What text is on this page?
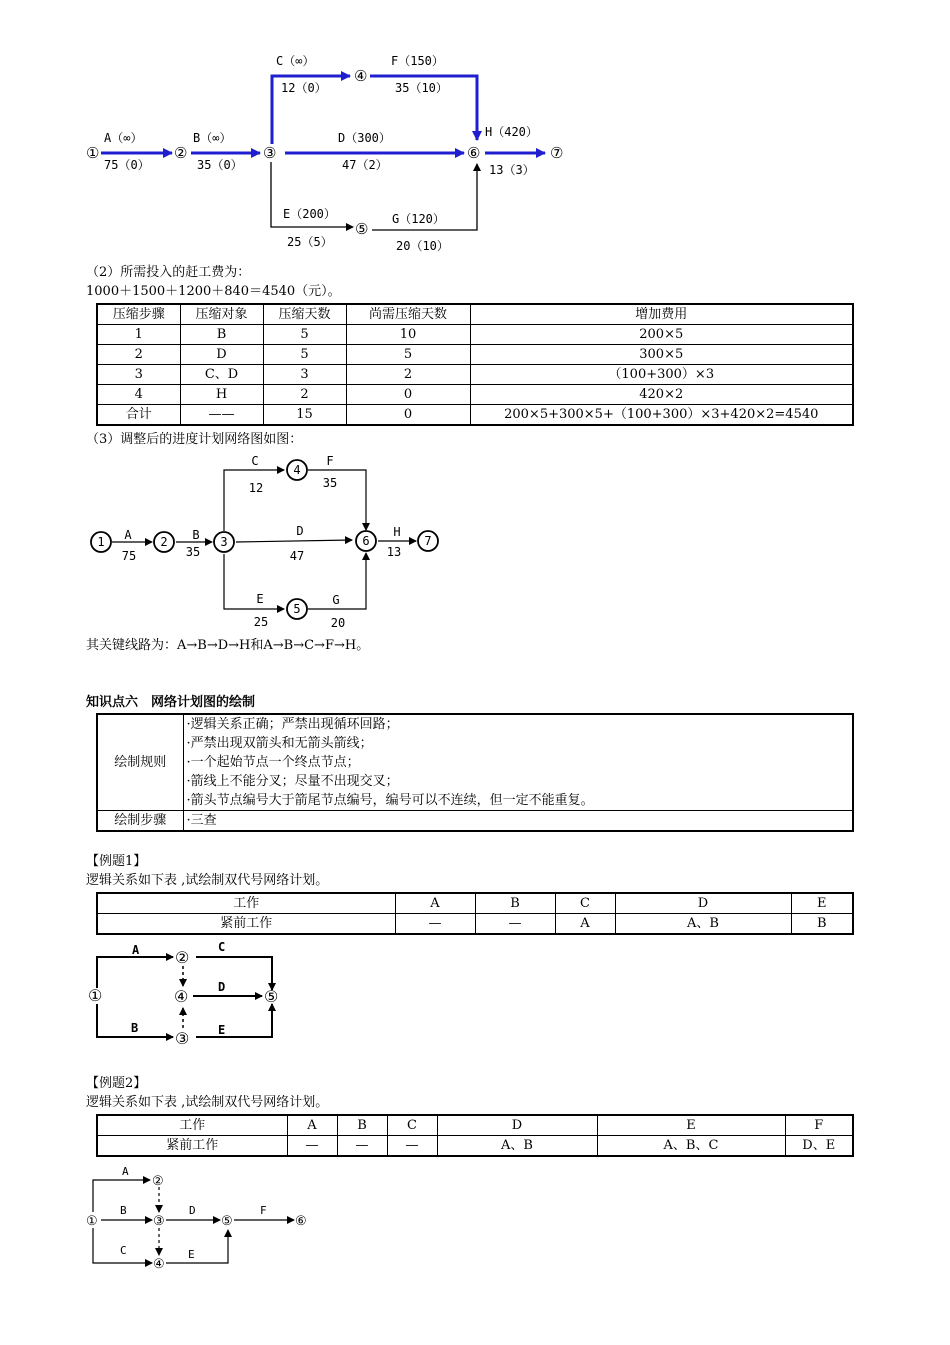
①	②	③
④
⑤
⑥	⑦
A（∞）
75（0）
B（∞）
35（0）
C（∞）
12（0）
F（150）
35（10）
D（300）
47（2）
H（420）
13（3）
E（200）
25（5）
G（120）
20（10）
（2）所需投入的赶工费为：
1000＋1500＋1200＋840＝4540（元）。
压缩步骤	压缩对象	压缩天数	尚需压缩天数	增加费用
1	B	5	10	200×5
2	D	5	5	300×5
3	C、D	3	2	（100+300）×3
4	H	2	0	420×2
合计	——	15	0	200×5+300×5+（100+300）×3+420×2=4540
（3）调整后的进度计划网络图如图：
1	2	3
4
5
6	7
A
75
B
35
C
12
F
35
D
47
H
13
E
25
G
20
其关键线路为：A→B→D→H和A→B→C→F→H。
知识点六　网络计划图的绘制
绘制规则	·逻辑关系正确；严禁出现循环回路；
·严禁出现双箭头和无箭头箭线；
·一个起始节点一个终点节点；
·箭线上不能分叉；尽量不出现交叉；
·箭头节点编号大于箭尾节点编号，编号可以不连续，但一定不能重复。

绘制步骤	·三查
【例题1】
逻辑关系如下表 ,试绘制双代号网络计划。
工作	A	B	C	D	E
紧前工作	—	—	A	A、B	B
①
②
③
④	⑤
A	C
D
B	E
【例题2】
逻辑关系如下表 ,试绘制双代号网络计划。
工作	A	B	C	D	E	F
紧前工作	—	—	—	A、B	A、B、C	D、E
①
②
③
④
⑤	⑥
A
B	D	F
C	E
